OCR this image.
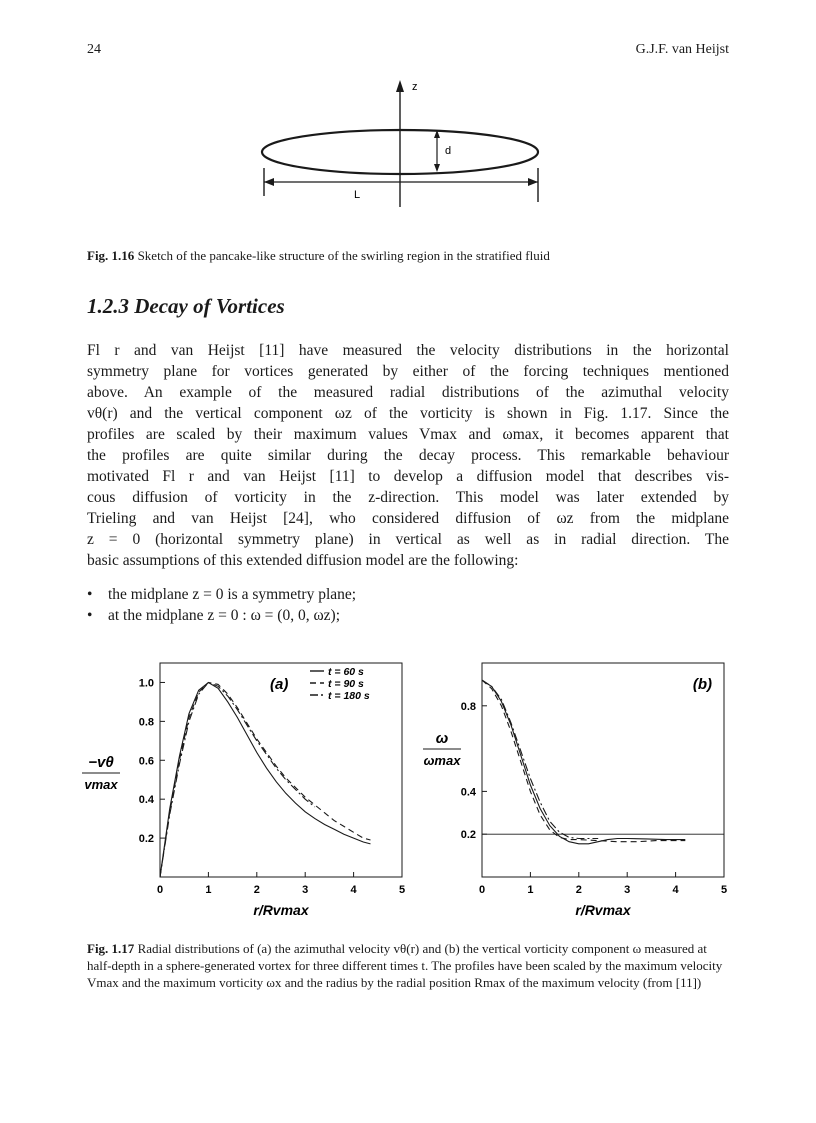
24	G.J.F. van Heijst
z
d
L
Fig. 1.16 Sketch of the pancake-like structure of the swirling region in the stratified fluid
1.2.3 Decay of Vortices

Fl r and van Heijst [11] have measured the velocity distributions in the horizontal

symmetry plane for vortices generated by either of the forcing techniques mentioned

above. An example of the measured radial distributions of the azimuthal velocity

vθ(r) and the vertical component ωz of the vorticity is shown in Fig. 1.17. Since the

profiles are scaled by their maximum values Vmax and ωmax, it becomes apparent that

the profiles are quite similar during the decay process. This remarkable behaviour

motivated Fl r and van Heijst [11] to develop a diffusion model that describes vis-

cous diffusion of vorticity in the z-direction. This model was later extended by

Trieling and van Heijst [24], who considered diffusion of ωz from the midplane

z = 0 (horizontal symmetry plane) in vertical as well as in radial direction. The

basic assumptions of this extended diffusion model are the following:

•	the midplane z = 0 is a symmetry plane;
•	at the midplane z = 0 : ω = (0, 0, ωz);
0	1	2	3	4	5
0.2
0.4
0.6
0.8
1.0	(a)
−vθ
vmax
r/Rvmax
t = 60 s
t = 90 s
t = 180 s
0	1	2	3	4	5
0.2
0.4
0.8
(b)
ω
ωmax
r/Rvmax
Fig. 1.17 Radial distributions of (a) the azimuthal velocity vθ(r) and (b) the vertical vorticity component ω measured at half-depth in a sphere-generated vortex for three different times t. The profiles have been scaled by the maximum velocity Vmax and the maximum vorticity ωx and the radius by the radial position Rmax of the maximum velocity (from [11])
